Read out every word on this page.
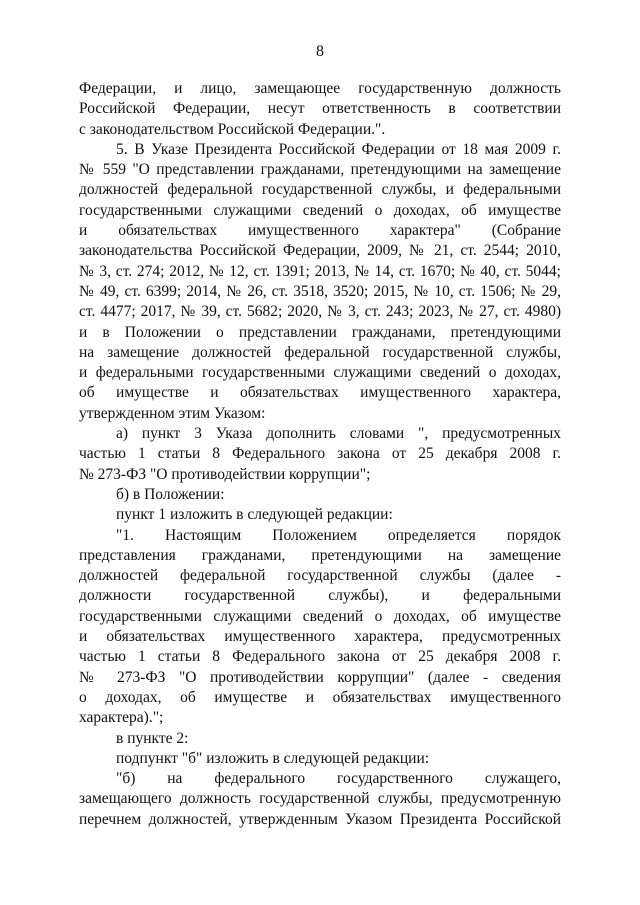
8
Федерации, и лицо, замещающее государственную должность
Российской Федерации, несут ответственность в соответствии
с законодательством Российской Федерации.".
5. В Указе Президента Российской Федерации от 18 мая 2009 г.
№ 559 "О представлении гражданами, претендующими на замещение
должностей федеральной государственной службы, и федеральными
государственными служащими сведений о доходах, об имуществе
и обязательствах имущественного характера" (Собрание
законодательства Российской Федерации, 2009, № 21, ст. 2544; 2010,
№ 3, ст. 274; 2012, № 12, ст. 1391; 2013, № 14, ст. 1670; № 40, ст. 5044;
№ 49, ст. 6399; 2014, № 26, ст. 3518, 3520; 2015, № 10, ст. 1506; № 29,
ст. 4477; 2017, № 39, ст. 5682; 2020, № 3, ст. 243; 2023, № 27, ст. 4980)
и в Положении о представлении гражданами, претендующими
на замещение должностей федеральной государственной службы,
и федеральными государственными служащими сведений о доходах,
об имуществе и обязательствах имущественного характера,
утвержденном этим Указом:
а) пункт 3 Указа дополнить словами ", предусмотренных
частью 1 статьи 8 Федерального закона от 25 декабря 2008 г.
№ 273-ФЗ "О противодействии коррупции";
б) в Положении:
пункт 1 изложить в следующей редакции:
"1. Настоящим Положением определяется порядок
представления гражданами, претендующими на замещение
должностей федеральной государственной службы (далее -
должности государственной службы), и федеральными
государственными служащими сведений о доходах, об имуществе
и обязательствах имущественного характера, предусмотренных
частью 1 статьи 8 Федерального закона от 25 декабря 2008 г.
№ 273-ФЗ "О противодействии коррупции" (далее - сведения
о доходах, об имуществе и обязательствах имущественного
характера).";
в пункте 2:
подпункт "б" изложить в следующей редакции:
"б) на федерального государственного служащего,
замещающего должность государственной службы, предусмотренную
перечнем должностей, утвержденным Указом Президента Российской
